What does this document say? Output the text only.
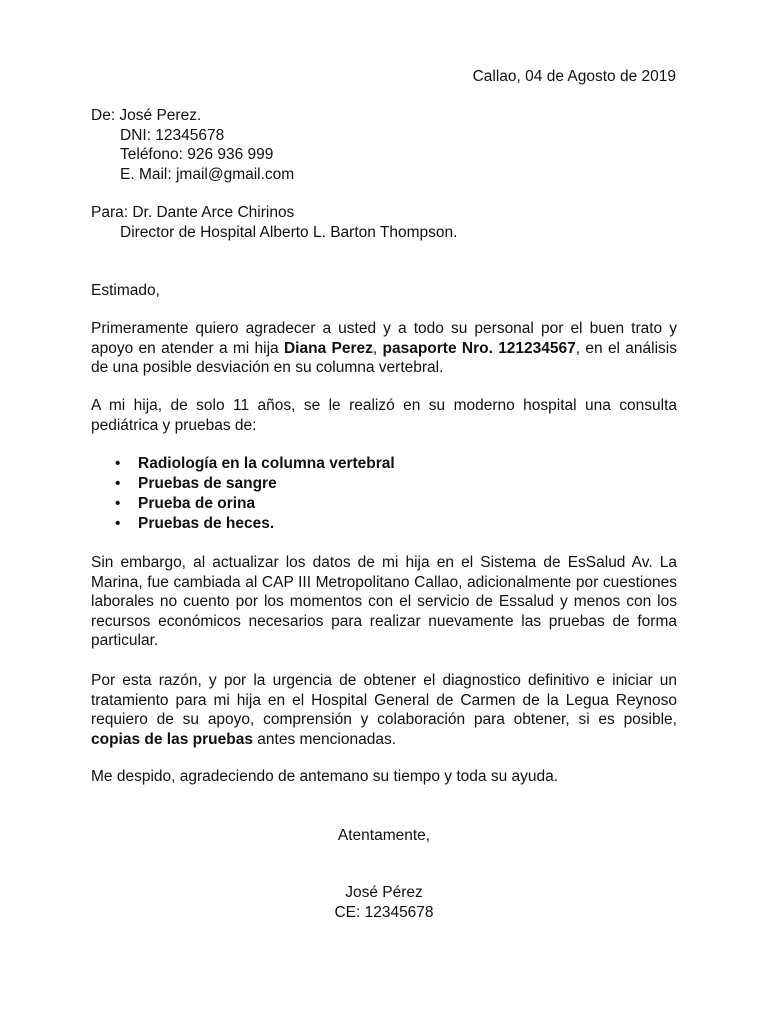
Callao, 04 de Agosto de 2019
De: José Perez.
DNI: 12345678
Teléfono: 926 936 999
E. Mail: jmail@gmail.com
Para: Dr. Dante Arce Chirinos
Director de Hospital Alberto L. Barton Thompson.
Estimado,
Primeramente quiero agradecer a usted y a todo su personal por el buen trato y apoyo en atender a mi hija Diana Perez, pasaporte Nro. 121234567, en el análisis de una posible desviación en su columna vertebral.
A mi hija, de solo 11 años, se le realizó en su moderno hospital una consulta pediátrica y pruebas de:
• Radiología en la columna vertebral
• Pruebas de sangre
• Prueba de orina
• Pruebas de heces.
Sin embargo, al actualizar los datos de mi hija en el Sistema de EsSalud Av. La Marina, fue cambiada al CAP III Metropolitano Callao, adicionalmente por cuestiones laborales no cuento por los momentos con el servicio de Essalud y menos con los recursos económicos necesarios para realizar nuevamente las pruebas de forma particular.
Por esta razón, y por la urgencia de obtener el diagnostico definitivo e iniciar un tratamiento para mi hija en el Hospital General de Carmen de la Legua Reynoso requiero de su apoyo, comprensión y colaboración para obtener, si es posible, copias de las pruebas antes mencionadas.
Me despido, agradeciendo de antemano su tiempo y toda su ayuda.
Atentamente,
José Pérez
CE: 12345678
